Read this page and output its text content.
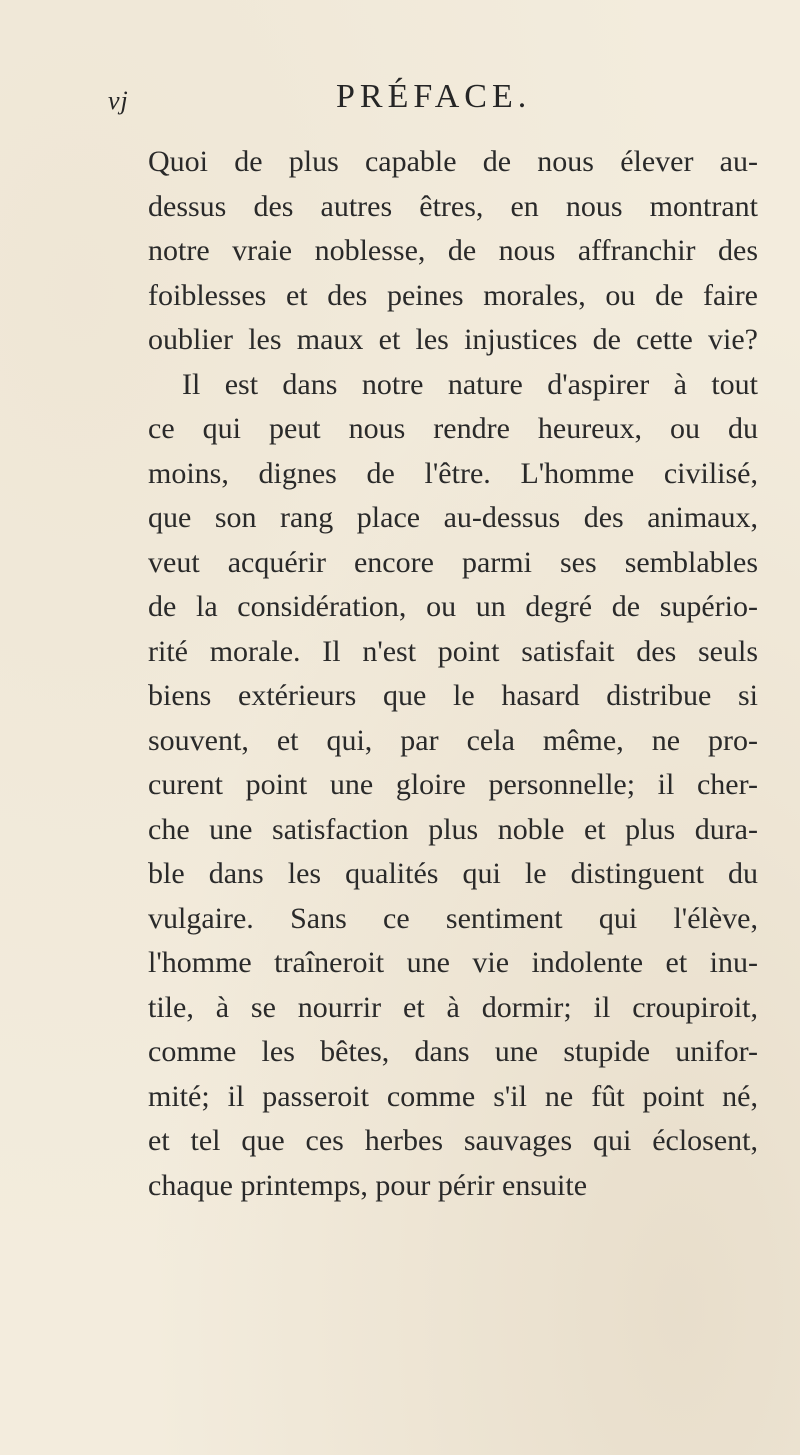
vj	PRÉFACE.
Quoi de plus capable de nous élever au-
dessus des autres êtres, en nous montrant
notre vraie noblesse, de nous affranchir des
foiblesses et des peines morales, ou de faire
oublier les maux et les injustices de cette vie?
Il est dans notre nature d'aspirer à tout
ce qui peut nous rendre heureux, ou du
moins, dignes de l'être. L'homme civilisé,
que son rang place au-dessus des animaux,
veut acquérir encore parmi ses semblables
de la considération, ou un degré de supério-
rité morale. Il n'est point satisfait des seuls
biens extérieurs que le hasard distribue si
souvent, et qui, par cela même, ne pro-
curent point une gloire personnelle; il cher-
che une satisfaction plus noble et plus dura-
ble dans les qualités qui le distinguent du
vulgaire. Sans ce sentiment qui l'élève,
l'homme traîneroit une vie indolente et inu-
tile, à se nourrir et à dormir; il croupiroit,
comme les bêtes, dans une stupide unifor-
mité; il passeroit comme s'il ne fût point né,
et tel que ces herbes sauvages qui éclosent,
chaque printemps, pour périr ensuite
